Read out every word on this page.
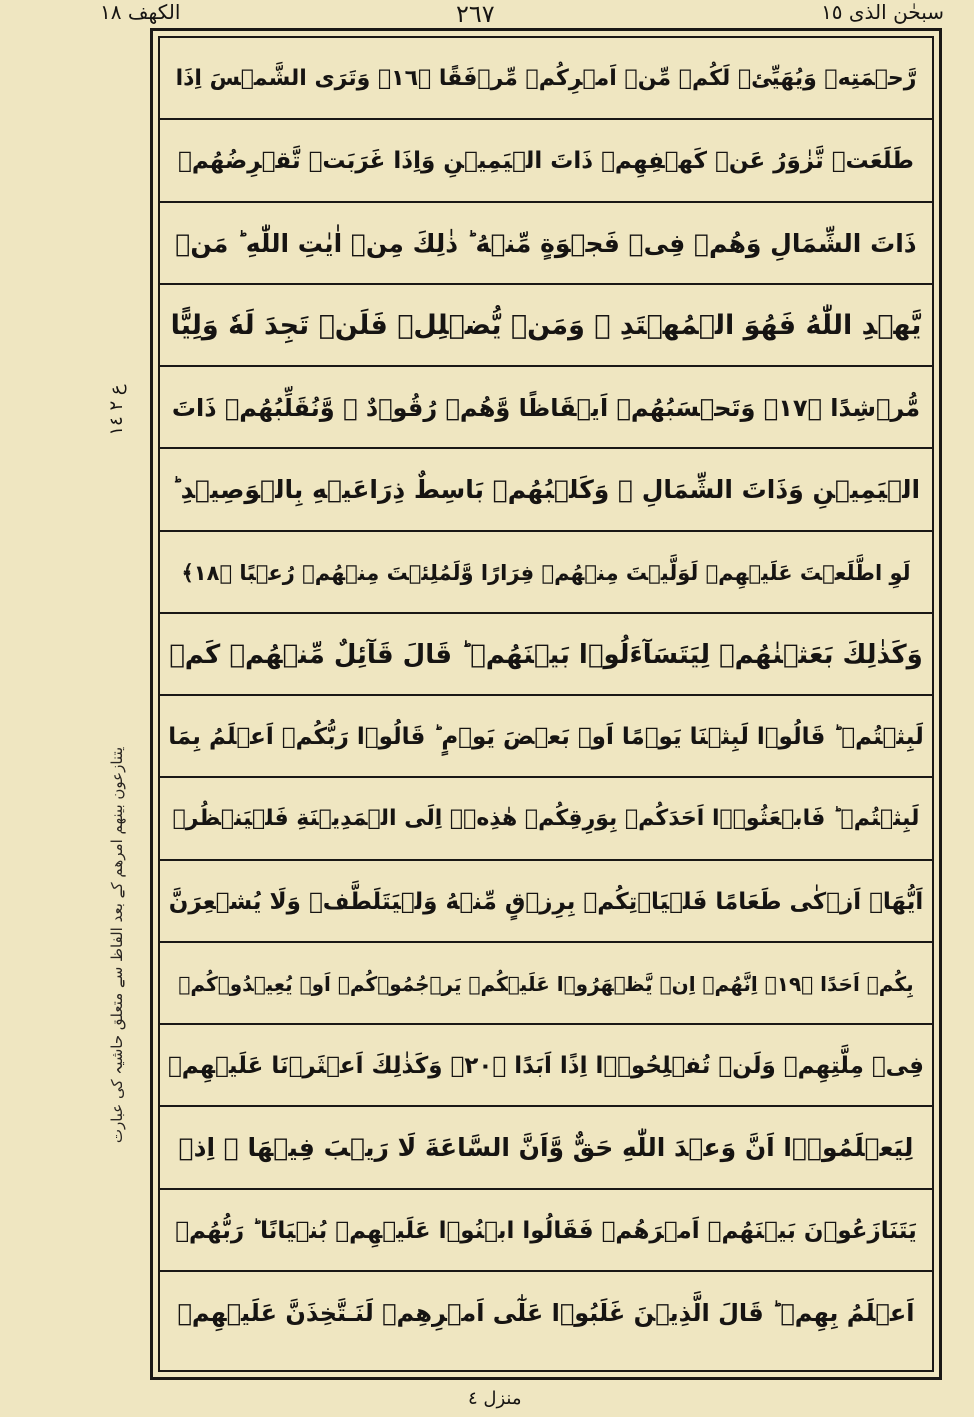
سبحٰن الذی ١٥
٢٦٧
الکھف ١٨
رَّحۡمَتِهٖ وَيُهَيِّئۡ لَكُمۡ مِّنۡ اَمۡرِكُمۡ مِّرۡفَقًا ﴿١٦﴾ وَتَرَى الشَّمۡسَ اِذَا
طَلَعَتۡ تَّزٰوَرُ عَنۡ كَهۡفِهِمۡ ذَاتَ الۡيَمِيۡنِ وَاِذَا غَرَبَتۡ تَّقۡرِضُهُمۡ
ذَاتَ الشِّمَالِ وَهُمۡ فِىۡ فَجۡوَةٍ مِّنۡهُ‌ ؕ ذٰلِكَ مِنۡ اٰيٰتِ اللّٰهِ‌ ؕ مَنۡ
يَّهۡدِ اللّٰهُ فَهُوَ الۡمُهۡتَدِ‌ ۚ وَمَنۡ يُّضۡلِلۡ فَلَنۡ تَجِدَ لَهٗ وَلِيًّا
مُّرۡشِدًا ﴿١٧﴾ وَتَحۡسَبُهُمۡ اَيۡقَاظًا وَّهُمۡ رُقُوۡدٌ ۖ وَّنُقَلِّبُهُمۡ ذَاتَ
الۡيَمِيۡنِ وَذَاتَ الشِّمَالِ ۖ وَكَلۡبُهُمۡ بَاسِطٌ ذِرَاعَيۡهِ بِالۡوَصِيۡدِ‌ ؕ
لَوِ اطَّلَعۡتَ عَلَيۡهِمۡ لَوَلَّيۡتَ مِنۡهُمۡ فِرَارًا وَّلَمُلِئۡتَ مِنۡهُمۡ رُعۡبًا ﴿١٨﴾
وَكَذٰلِكَ بَعَثۡنٰهُمۡ لِيَتَسَآءَلُوۡا بَيۡنَهُمۡ‌ ؕ قَالَ قَآئِلٌ مِّنۡهُمۡ كَمۡ
لَبِثۡتُمۡ‌ ؕ قَالُوۡا لَبِثۡنَا يَوۡمًا اَوۡ بَعۡضَ يَوۡمٍ‌ ؕ قَالُوۡا رَبُّكُمۡ اَعۡلَمُ بِمَا
لَبِثۡتُمۡ ؕ فَابۡعَثُوۡۤا اَحَدَكُمۡ بِوَرِقِكُمۡ هٰذِهٖۤ اِلَى الۡمَدِيۡنَةِ فَلۡيَنۡظُرۡ
اَيُّهَاۤ اَزۡكٰى طَعَامًا فَلۡيَاۡتِكُمۡ بِرِزۡقٍ مِّنۡهُ وَلۡيَتَلَطَّفۡ وَلَا يُشۡعِرَنَّ
بِكُمۡ اَحَدًا ﴿١٩﴾ اِنَّهُمۡ اِنۡ يَّظۡهَرُوۡا عَلَيۡكُمۡ يَرۡجُمُوۡكُمۡ اَوۡ يُعِيۡدُوۡكُمۡ
فِىۡ مِلَّتِهِمۡ وَلَنۡ تُفۡلِحُوۡۤا اِذًا اَبَدًا ﴿٢٠﴾ وَكَذٰلِكَ اَعۡثَرۡنَا عَلَيۡهِمۡ
لِيَعۡلَمُوۡۤا اَنَّ وَعۡدَ اللّٰهِ حَقٌّ وَّاَنَّ السَّاعَةَ لَا رَيۡبَ فِيۡهَا ۚ اِذۡ
يَتَنَازَعُوۡنَ بَيۡنَهُمۡ اَمۡرَهُمۡ فَقَالُوا ابۡنُوۡا عَلَيۡهِمۡ بُنۡيَانًا ‌ؕ رَبُّهُمۡ
اَعۡلَمُ بِهِمۡ‌ ؕ قَالَ الَّذِيۡنَ غَلَبُوۡا عَلٰٓى اَمۡرِهِمۡ لَنَـتَّخِذَنَّ عَلَيۡهِمۡ
ع ٢ ١٤
يتنازعون بينهم امرهم کے بعد الفاظ سے متعلق حاشیہ کی عبارت
منزل ٤
